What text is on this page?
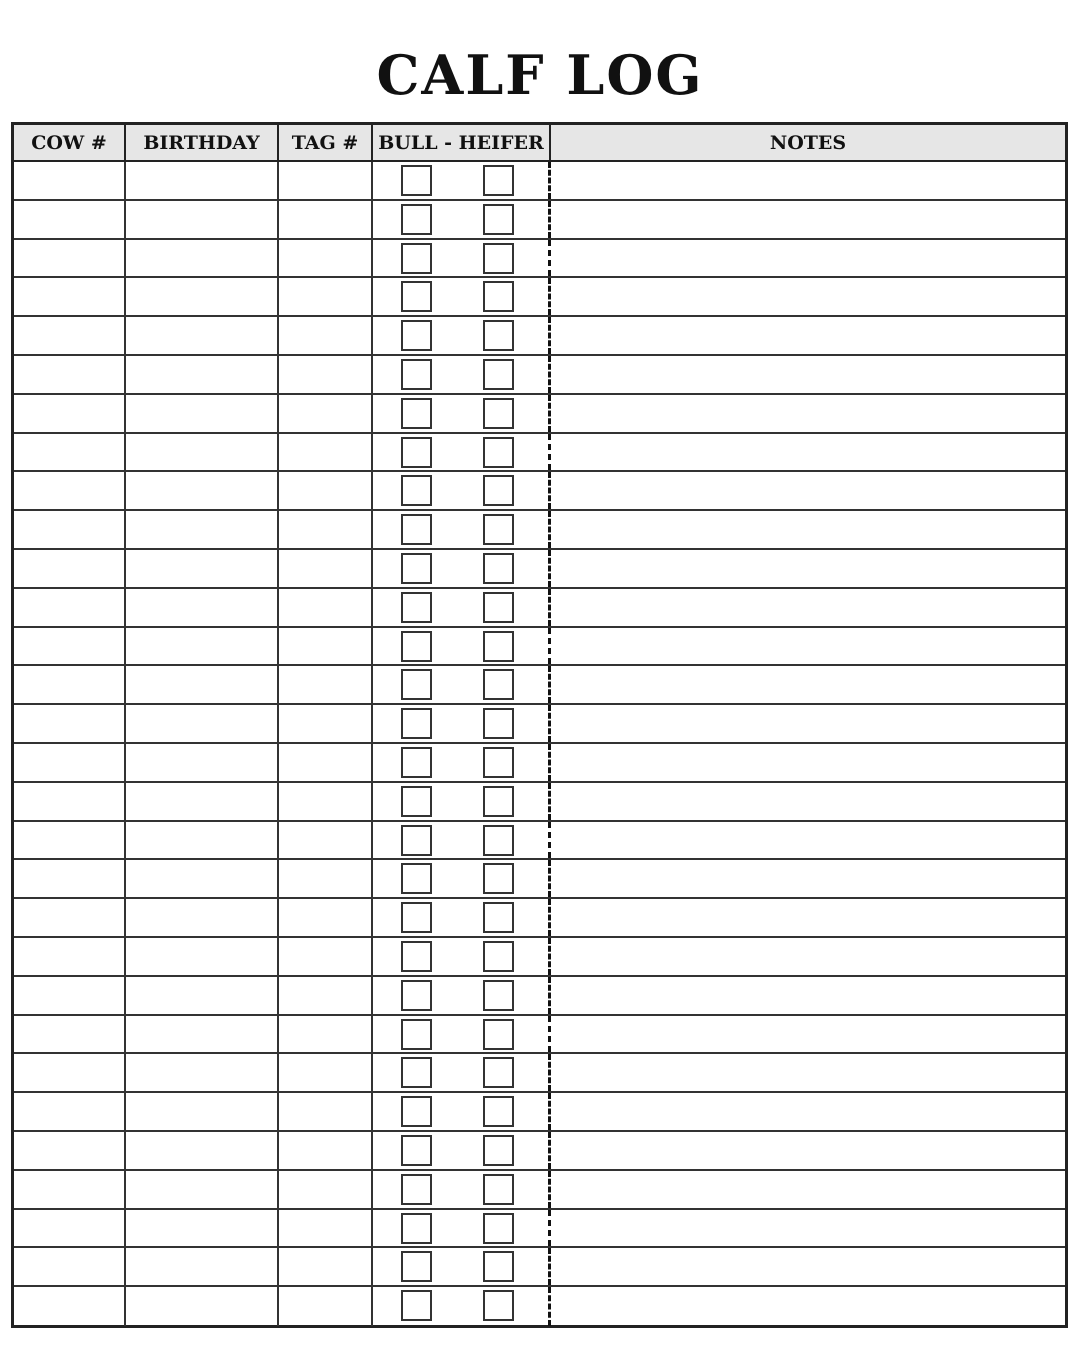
CALF LOG
COW #	BIRTHDAY	TAG #	BULL - HEIFER	NOTES
